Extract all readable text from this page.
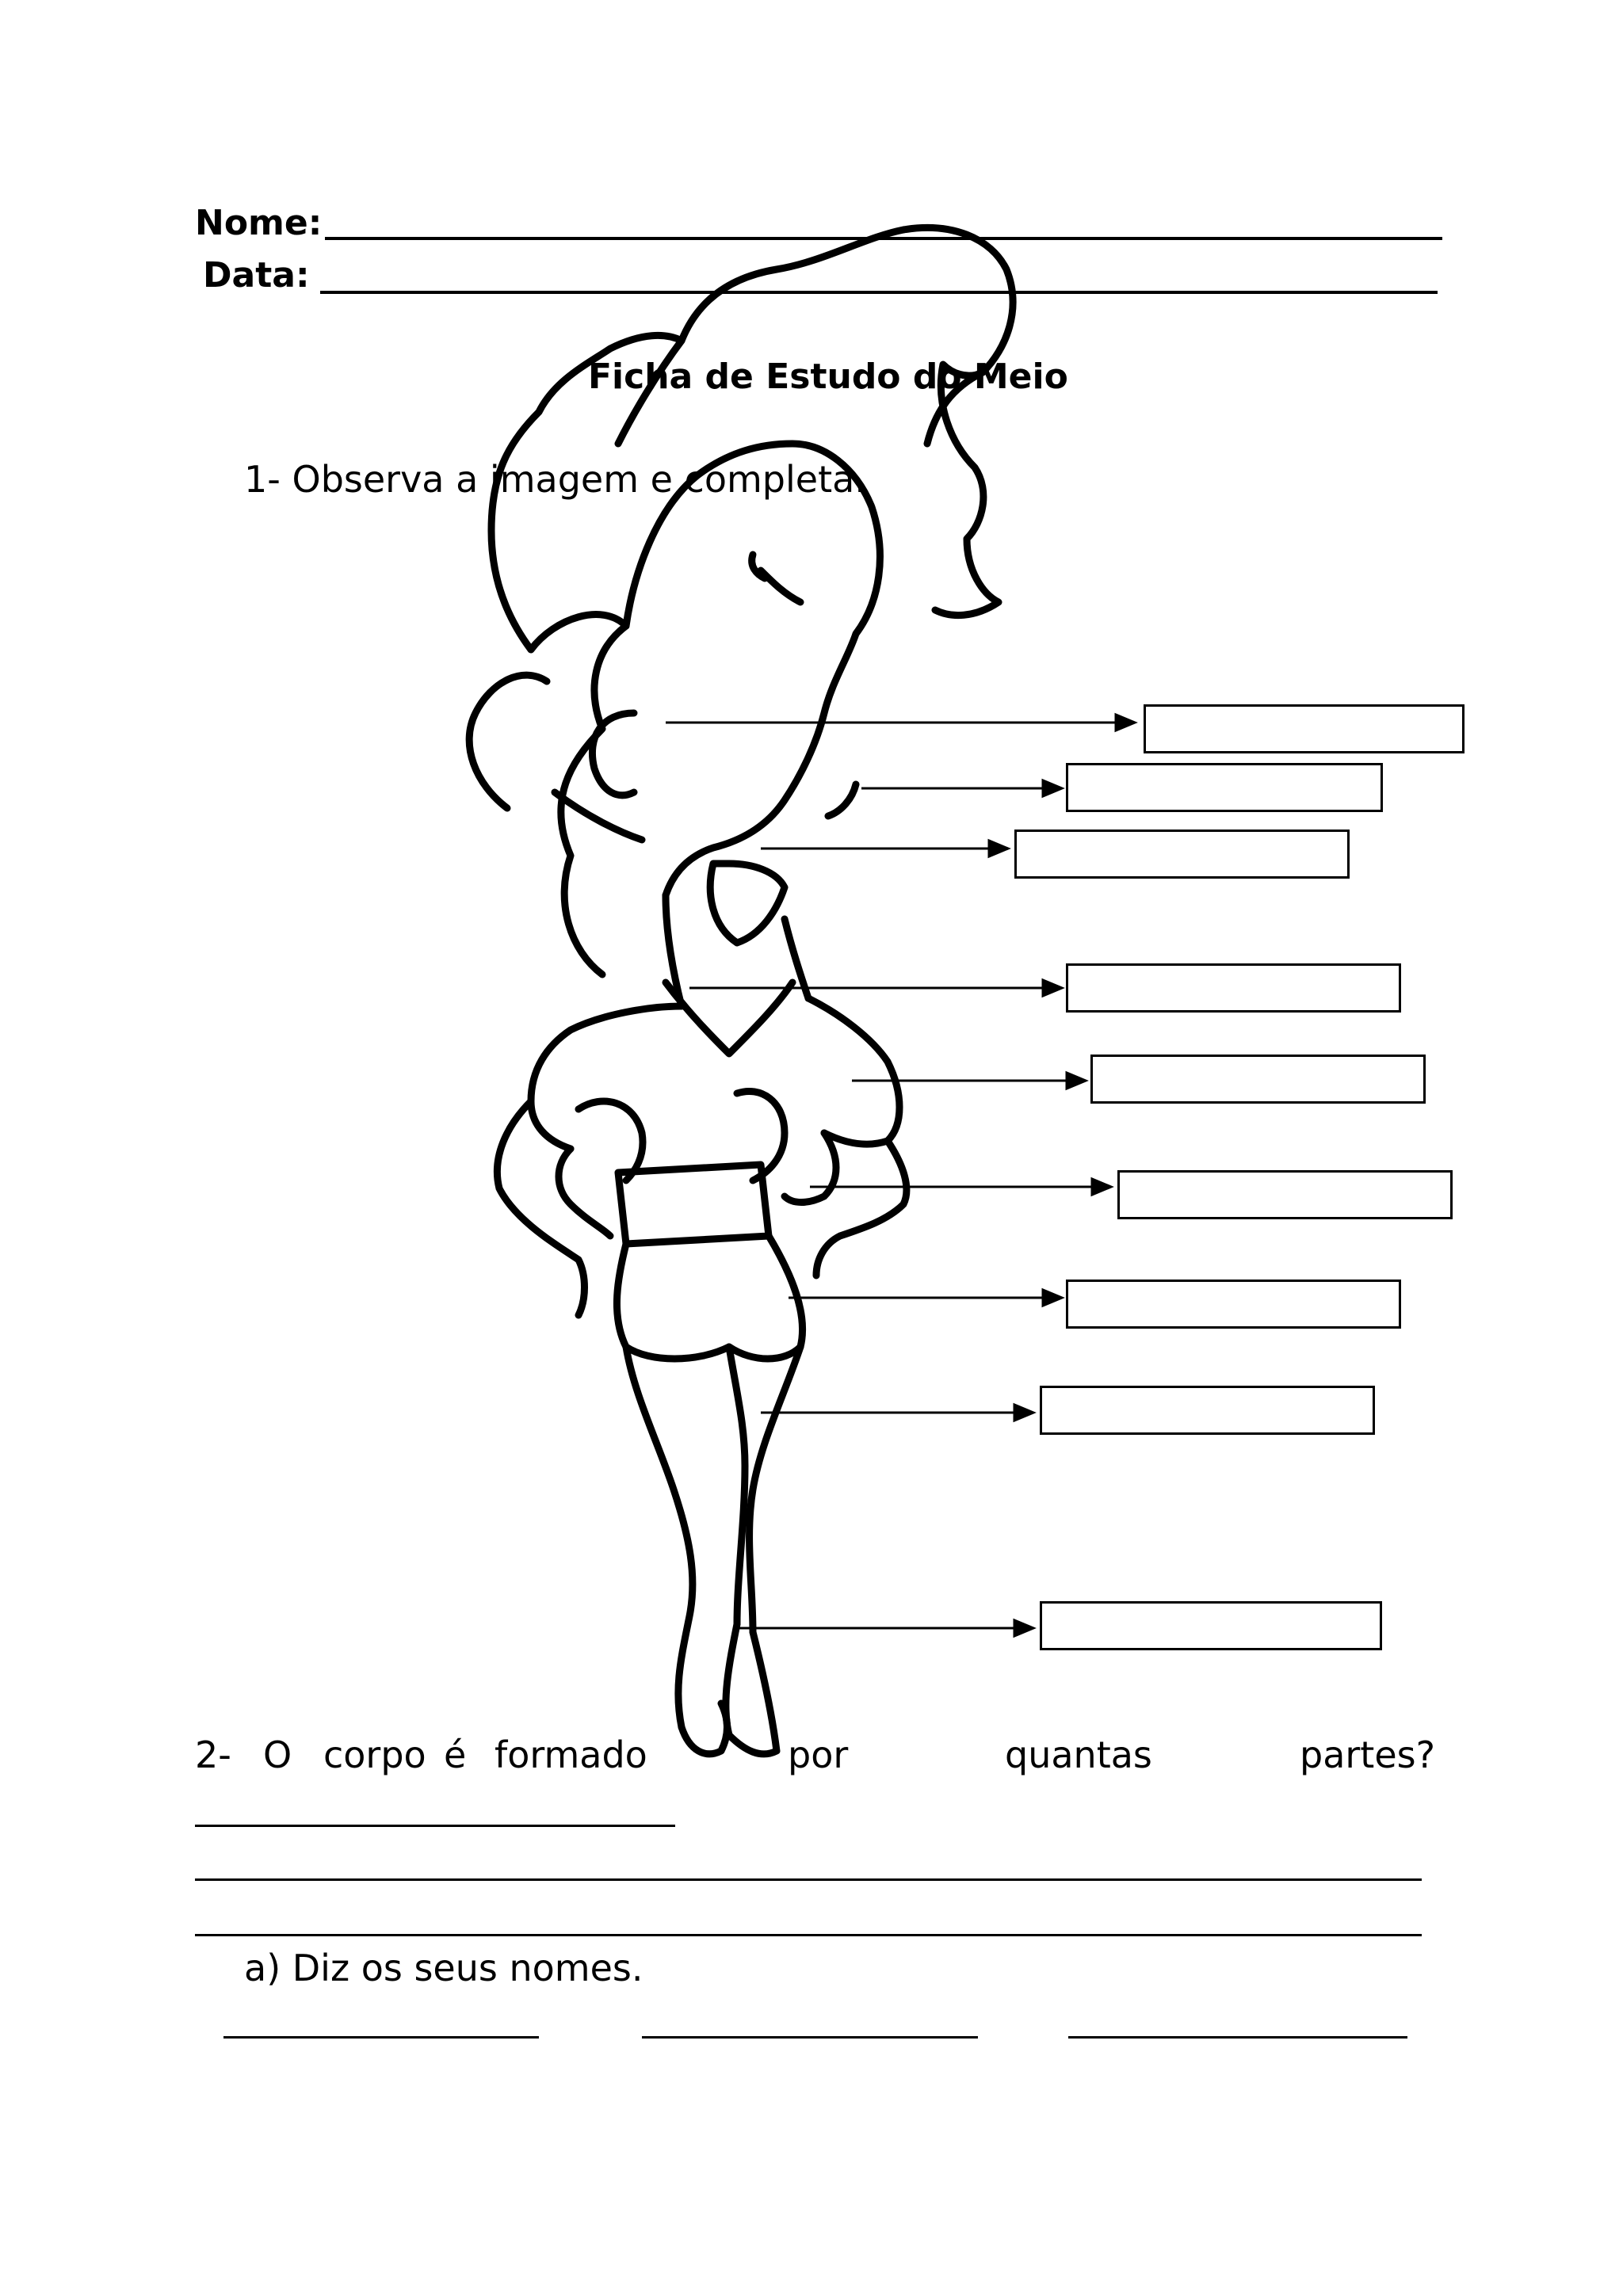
Nome:
Data:
Ficha de Estudo do Meio
1- Observa a imagem e completa.
2- O corpo é formado	por	quantas	partes?
a) Diz os seus nomes.
